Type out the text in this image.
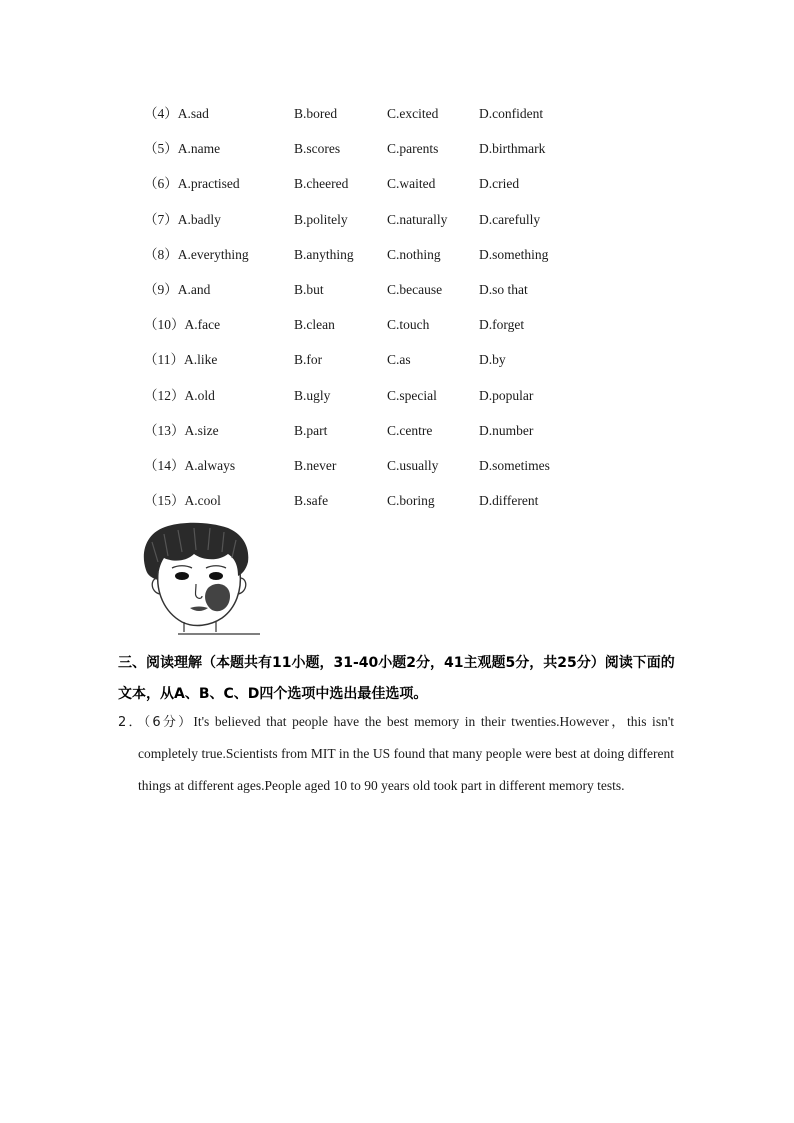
（4）A.sad	B.bored	C.excited	D.confident
（5）A.name	B.scores	C.parents	D.birthmark
（6）A.practised	B.cheered	C.waited	D.cried
（7）A.badly	B.politely	C.naturally D.carefully
（8）A.everything	B.anything C.nothing	D.something
（9）A.and	B.but	C.because	D.so that
（10）A.face	B.clean	C.touch	D.forget
（11）A.like	B.for	C.as	D.by
（12）A.old	B.ugly	C.special	D.popular
（13）A.size	B.part	C.centre	D.number
（14）A.always	B.never	C.usually	D.sometimes
（15）A.cool	B.safe	C.boring	D.different
三、阅读理解（本题共有11小题，31-40小题2分，41主观题5分，共25分）阅读下面的文本，从A、B、C、D四个选项中选出最佳选项。
2．（6分）It's believed that people have the best memory in their twenties.However，this isn't completely true.Scientists from MIT in the US found that many people were best at doing different things at different ages.People aged 10 to 90 years old took part in different memory tests.
